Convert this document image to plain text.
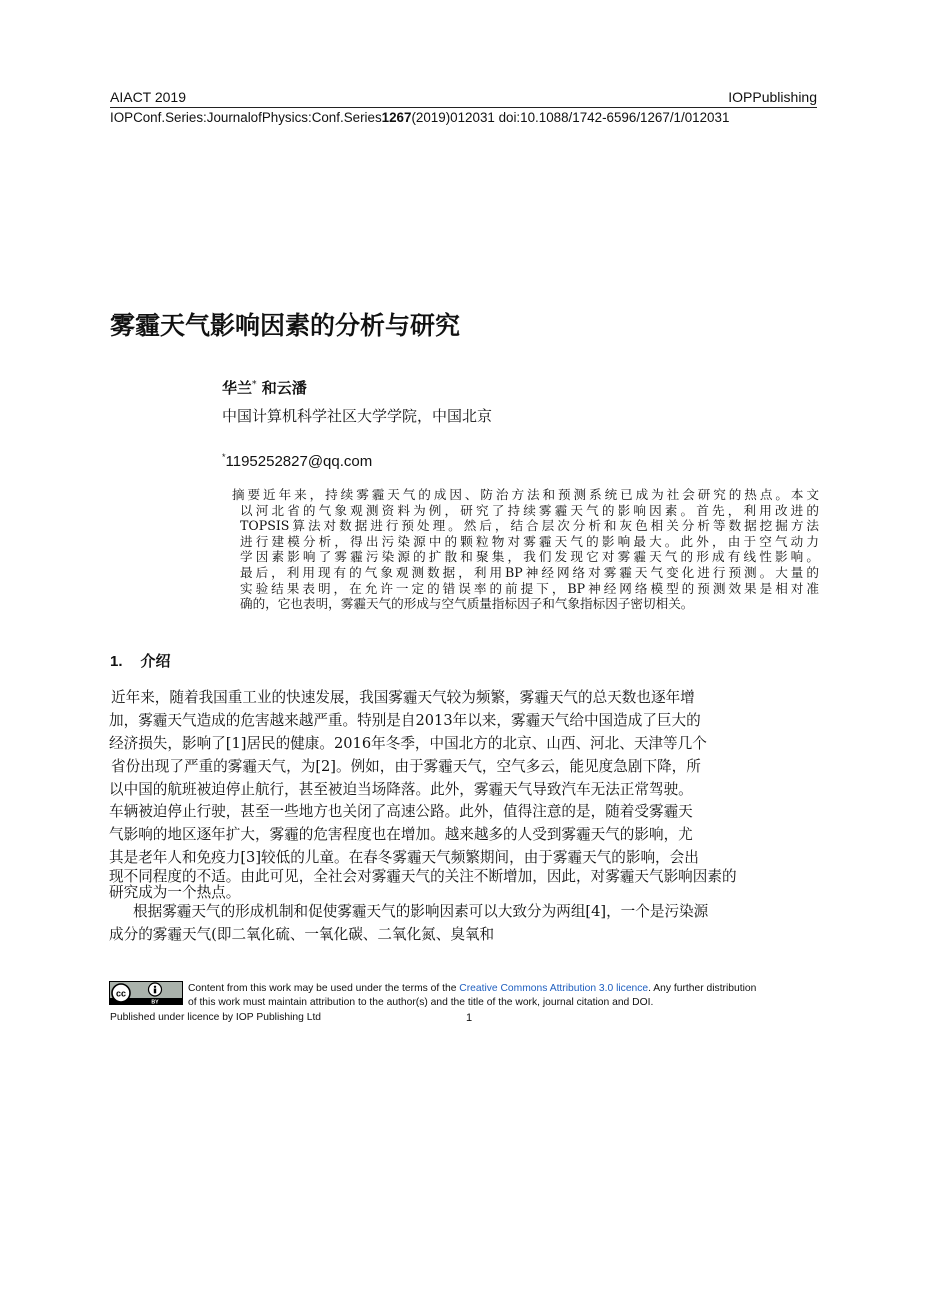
AIACT 2019	IOPPublishing
IOPConf.Series:JournalofPhysics:Conf.Series1267(2019)012031 doi:10.1088/1742-6596/1267/1/012031
雾霾天气影响因素的分析与研究
华兰* 和云潘
中国计算机科学社区大学学院，中国北京
*1195252827@qq.com
摘要近年来，持续雾霾天气的成因、防治方法和预测系统已成为社会研究的热点。本文
以河北省的气象观测资料为例，研究了持续雾霾天气的影响因素。首先，利用改进的
TOPSIS算法对数据进行预处理。然后，结合层次分析和灰色相关分析等数据挖掘方法
进行建模分析，得出污染源中的颗粒物对雾霾天气的影响最大。此外，由于空气动力
学因素影响了雾霾污染源的扩散和聚集，我们发现它对雾霾天气的形成有线性影响。
最后，利用现有的气象观测数据，利用BP神经网络对雾霾天气变化进行预测。大量的
实验结果表明，在允许一定的错误率的前提下，BP神经网络模型的预测效果是相对准
确的，它也表明，雾霾天气的形成与空气质量指标因子和气象指标因子密切相关。
1. 介绍
近年来，随着我国重工业的快速发展，我国雾霾天气较为频繁，雾霾天气的总天数也逐年增
加，雾霾天气造成的危害越来越严重。特别是自2013年以来，雾霾天气给中国造成了巨大的
经济损失，影响了[1]居民的健康。2016年冬季，中国北方的北京、山西、河北、天津等几个
省份出现了严重的雾霾天气，为[2]。例如，由于雾霾天气，空气多云，能见度急剧下降，所
以中国的航班被迫停止航行，甚至被迫当场降落。此外，雾霾天气导致汽车无法正常驾驶。
车辆被迫停止行驶，甚至一些地方也关闭了高速公路。此外，值得注意的是，随着受雾霾天
气影响的地区逐年扩大，雾霾的危害程度也在增加。越来越多的人受到雾霾天气的影响，尤
其是老年人和免疫力[3]较低的儿童。在春冬雾霾天气频繁期间，由于雾霾天气的影响，会出
现不同程度的不适。由此可见，全社会对雾霾天气的关注不断增加，因此，对雾霾天气影响因素的
研究成为一个热点。
根据雾霾天气的形成机制和促使雾霾天气的影响因素可以大致分为两组[4]，一个是污染源
成分的雾霾天气(即二氧化硫、一氧化碳、二氧化氮、臭氧和
cc
BY
Content from this work may be used under the terms of the Creative Commons Attribution 3.0 licence. Any further distribution
of this work must maintain attribution to the author(s) and the title of the work, journal citation and DOI.
Published under licence by IOP Publishing Ltd	1
